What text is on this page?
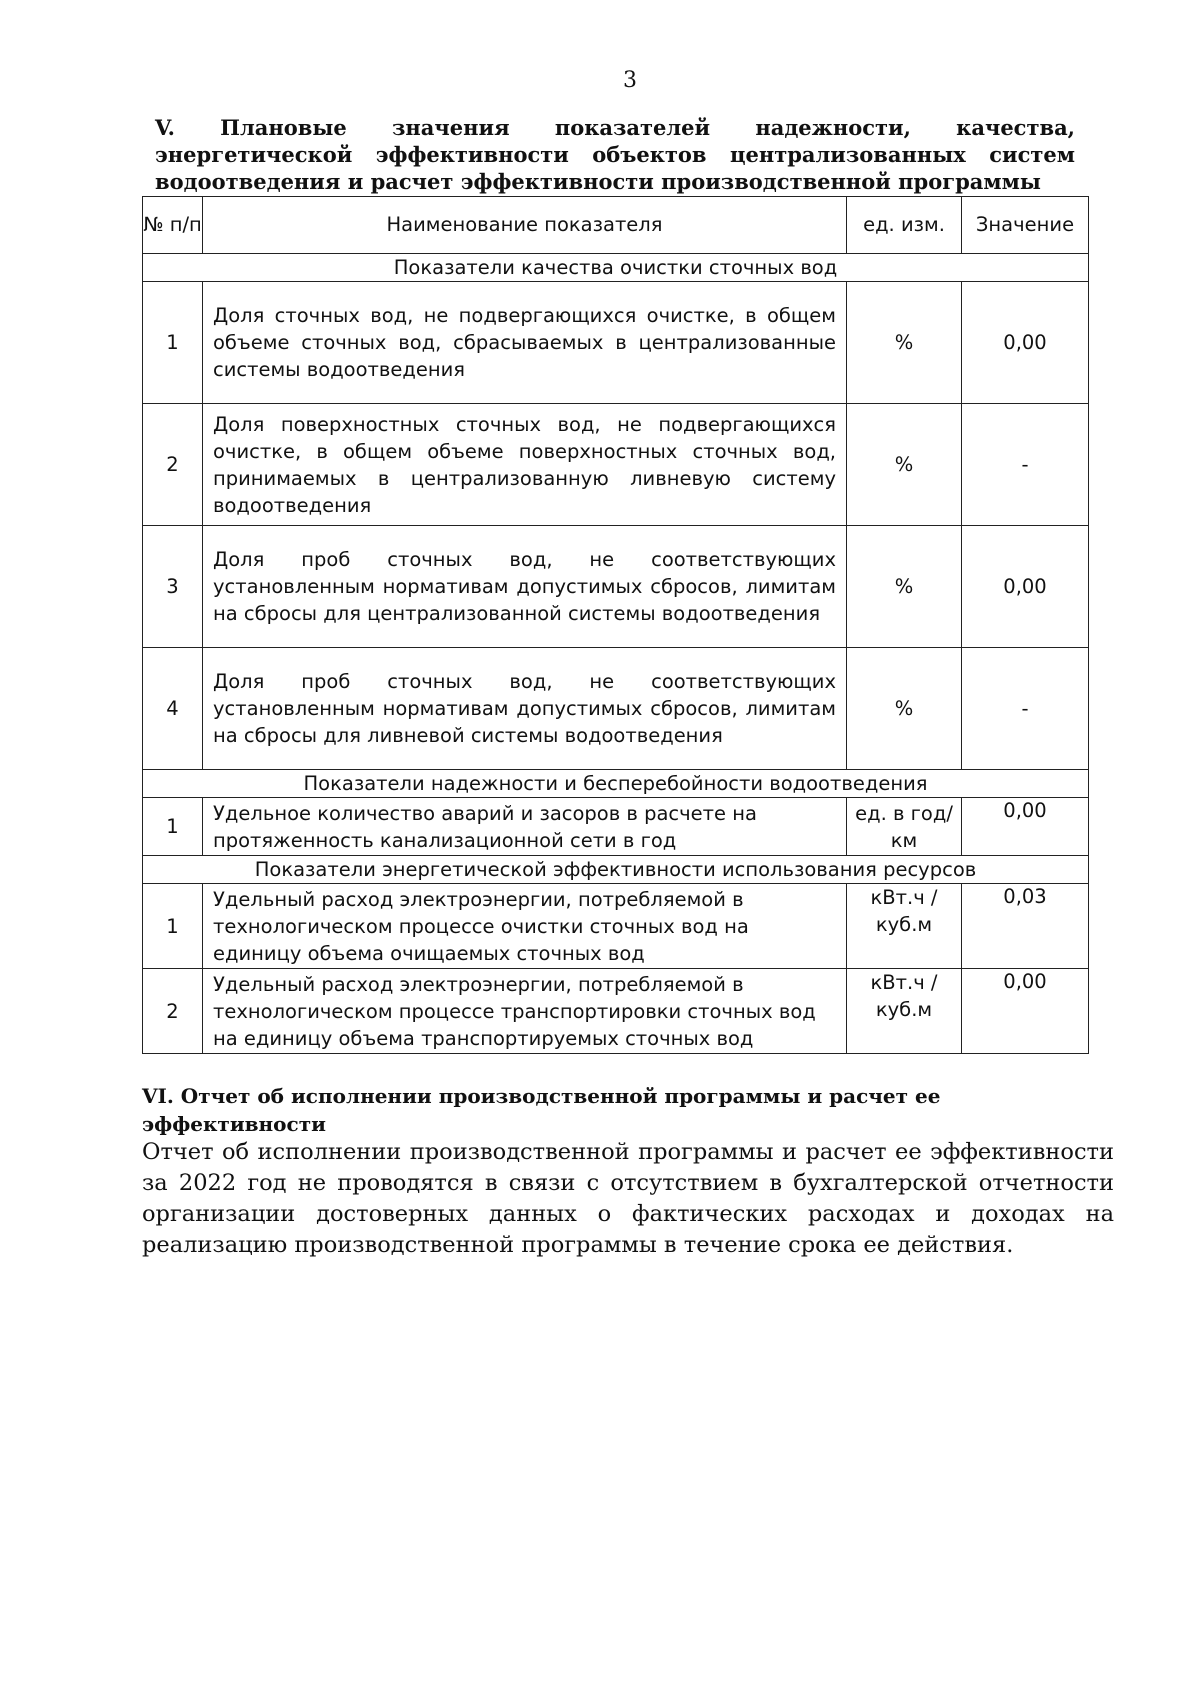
3
V. Плановые значения показателей надежности, качества, энергетической эффективности объектов централизованных систем водоотведения и расчет эффективности производственной программы
№ п/п	Наименование показателя	ед. изм.	Значение
Показатели качества очистки сточных вод			
1	Доля сточных вод, не подвергающихся очистке, в общем объеме сточных вод, сбрасываемых в централизованные системы водоотведения	%	0,00
2	Доля поверхностных сточных вод, не подвергающихся очистке, в общем объеме поверхностных сточных вод, принимаемых в централизованную ливневую систему водоотведения	%	-
3	Доля проб сточных вод, не соответствующих установленным нормативам допустимых сбросов, лимитам на сбросы для централизованной системы водоотведения	%	0,00
4	Доля проб сточных вод, не соответствующих установленным нормативам допустимых сбросов, лимитам на сбросы для ливневой системы водоотведения	%	-
Показатели надежности и бесперебойности водоотведения			
1	Удельное количество аварий и засоров в расчете на протяженность канализационной сети в год	ед. в год/ км	0,00
Показатели энергетической эффективности использования ресурсов			
1	Удельный расход электроэнергии, потребляемой в технологическом процессе очистки сточных вод на единицу объема очищаемых сточных вод	кВт.ч / куб.м	0,03
2	Удельный расход электроэнергии, потребляемой в технологическом процессе транспортировки сточных вод на единицу объема транспортируемых сточных вод	кВт.ч / куб.м	0,00
VI. Отчет об исполнении производственной программы и расчет ее эффективности
Отчет об исполнении производственной программы и расчет ее эффективности за 2022 год не проводятся в связи с отсутствием в бухгалтерской отчетности организации достоверных данных о фактических расходах и доходах на реализацию производственной программы в течение срока ее действия.
